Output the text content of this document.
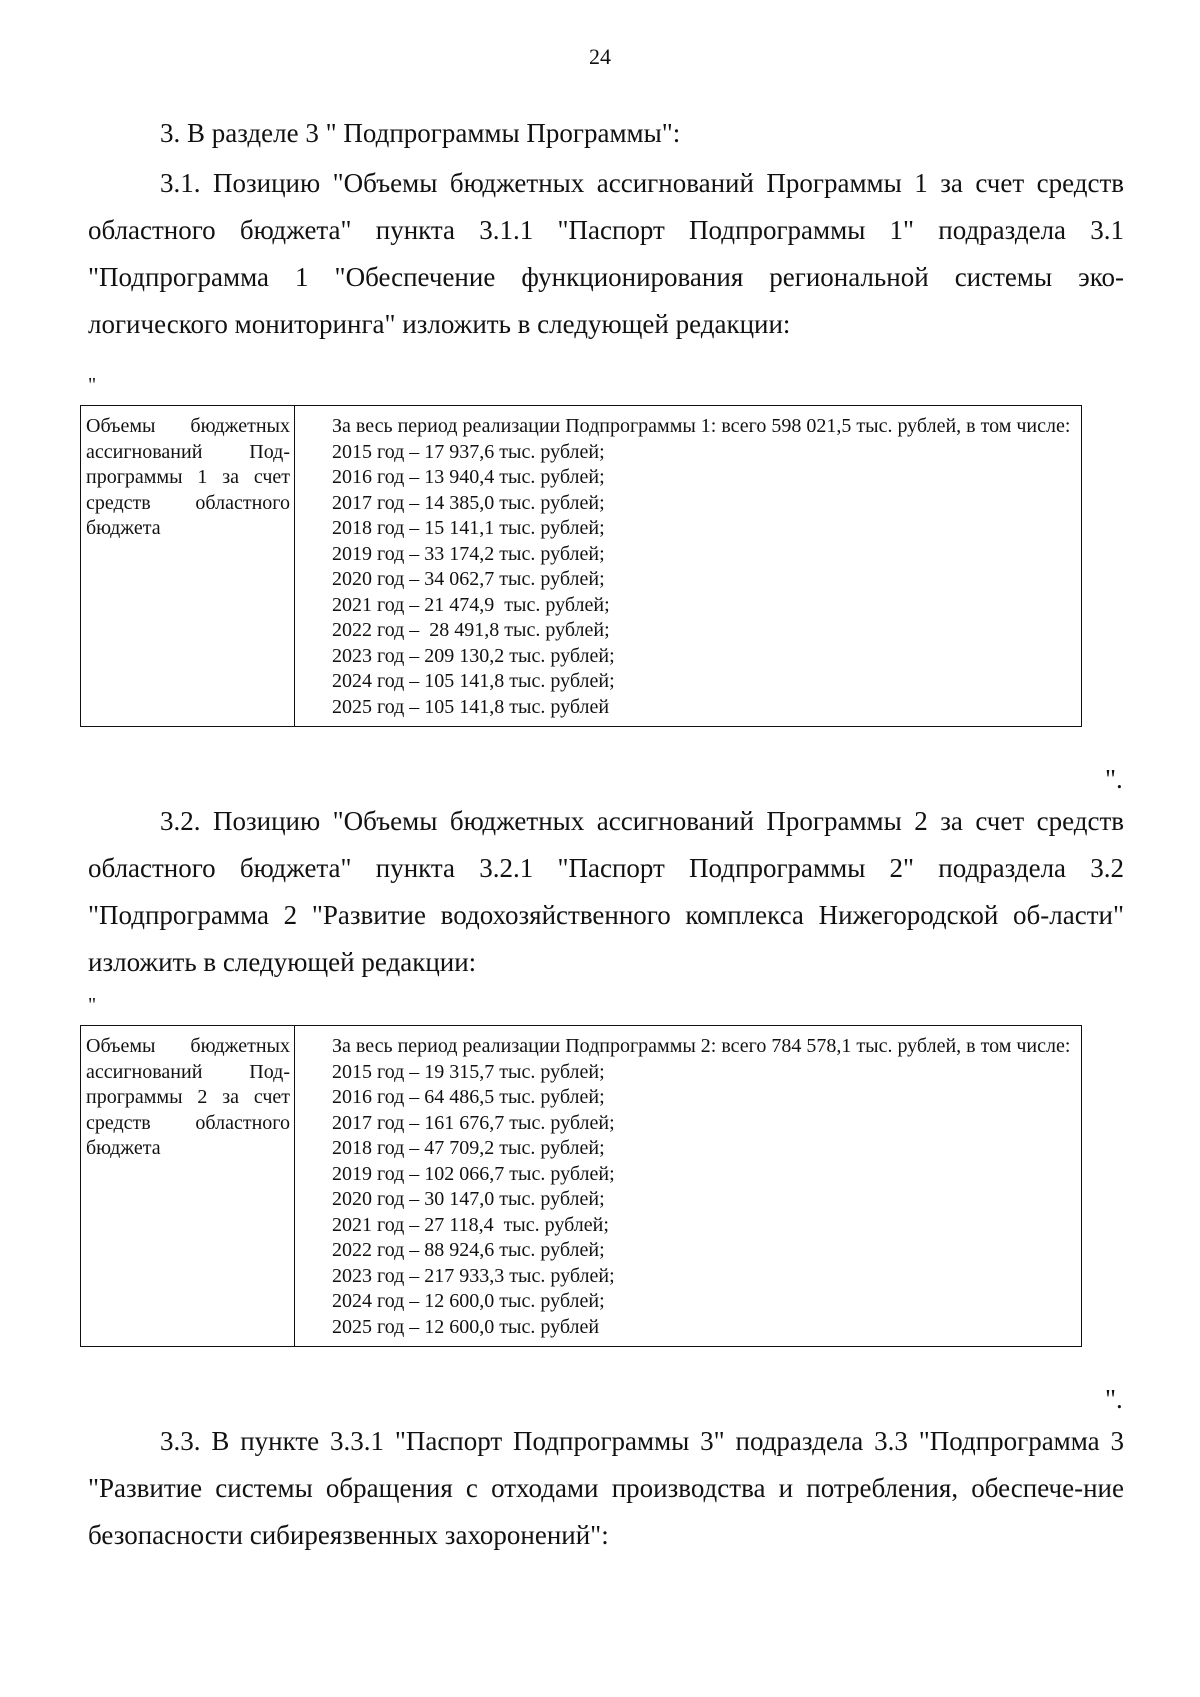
24

3. В разделе 3 " Подпрограммы Программы":

3.1. Позицию "Объемы бюджетных ассигнований Программы 1 за счет средств областного бюджета" пункта 3.1.1 "Паспорт Подпрограммы 1" подраздела 3.1 "Подпрограмма 1 "Обеспечение функционирования региональной системы эко-логического мониторинга" изложить в следующей редакции:

"
Объемы бюджетных ассигнований Под-программы 1 за счет средств областного бюджета	
За весь период реализации Подпрограммы 1: всего 598 021,5 тыс. рублей, в том числе:
2015 год – 17 937,6 тыс. рублей;
2016 год – 13 940,4 тыс. рублей;
2017 год – 14 385,0 тыс. рублей;
2018 год – 15 141,1 тыс. рублей;
2019 год – 33 174,2 тыс. рублей;
2020 год – 34 062,7 тыс. рублей;
2021 год – 21 474,9  тыс. рублей;
2022 год –  28 491,8 тыс. рублей;
2023 год – 209 130,2 тыс. рублей;
2024 год – 105 141,8 тыс. рублей;
2025 год – 105 141,8 тыс. рублей
".

3.2. Позицию "Объемы бюджетных ассигнований Программы 2 за счет средств областного бюджета" пункта 3.2.1 "Паспорт Подпрограммы 2" подраздела 3.2 "Подпрограмма 2 "Развитие водохозяйственного комплекса Нижегородской об-ласти" изложить в следующей редакции:

"
Объемы бюджетных ассигнований Под-программы 2 за счет средств областного бюджета	
За весь период реализации Подпрограммы 2: всего 784 578,1 тыс. рублей, в том числе:
2015 год – 19 315,7 тыс. рублей;
2016 год – 64 486,5 тыс. рублей;
2017 год – 161 676,7 тыс. рублей;
2018 год – 47 709,2 тыс. рублей;
2019 год – 102 066,7 тыс. рублей;
2020 год – 30 147,0 тыс. рублей;
2021 год – 27 118,4  тыс. рублей;
2022 год – 88 924,6 тыс. рублей;
2023 год – 217 933,3 тыс. рублей;
2024 год – 12 600,0 тыс. рублей;
2025 год – 12 600,0 тыс. рублей
".

3.3. В пункте 3.3.1 "Паспорт Подпрограммы 3" подраздела 3.3 "Подпрограмма 3 "Развитие системы обращения с отходами производства и потребления, обеспече-ние безопасности сибиреязвенных захоронений":
